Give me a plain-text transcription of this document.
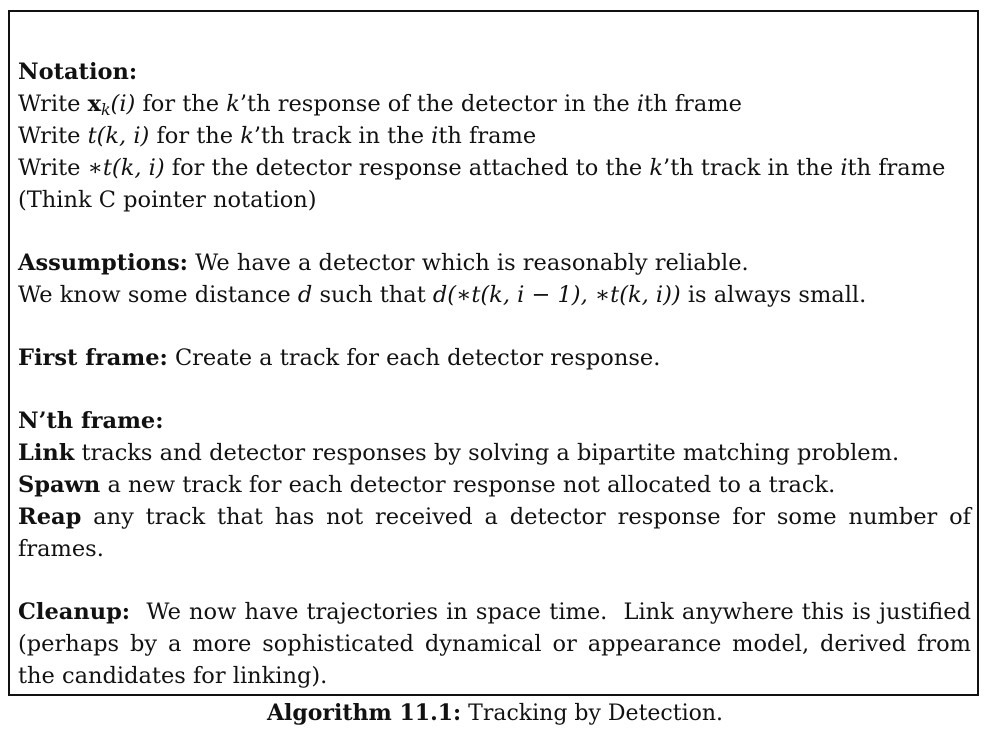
Notation:
Write $x_k(i)$ for the k’th response of the detector in the ith frame
Write t(k, i) for the k’th track in the ith frame
Write ∗t(k, i) for the detector response attached to the k’th track in the ith frame
(Think C pointer notation)
Assumptions: We have a detector which is reasonably reliable.
We know some distance d such that d(∗t(k, i − 1), ∗t(k, i)) is always small.
First frame: Create a track for each detector response.
N’th frame:
Link tracks and detector responses by solving a bipartite matching problem.
Spawn a new track for each detector response not allocated to a track.
Reap any track that has not received a detector response for some number of frames.
Cleanup:  We now have trajectories in space time.  Link anywhere this is justified (perhaps by a more sophisticated dynamical or appearance model, derived from the candidates for linking).
Algorithm 11.1: Tracking by Detection.
